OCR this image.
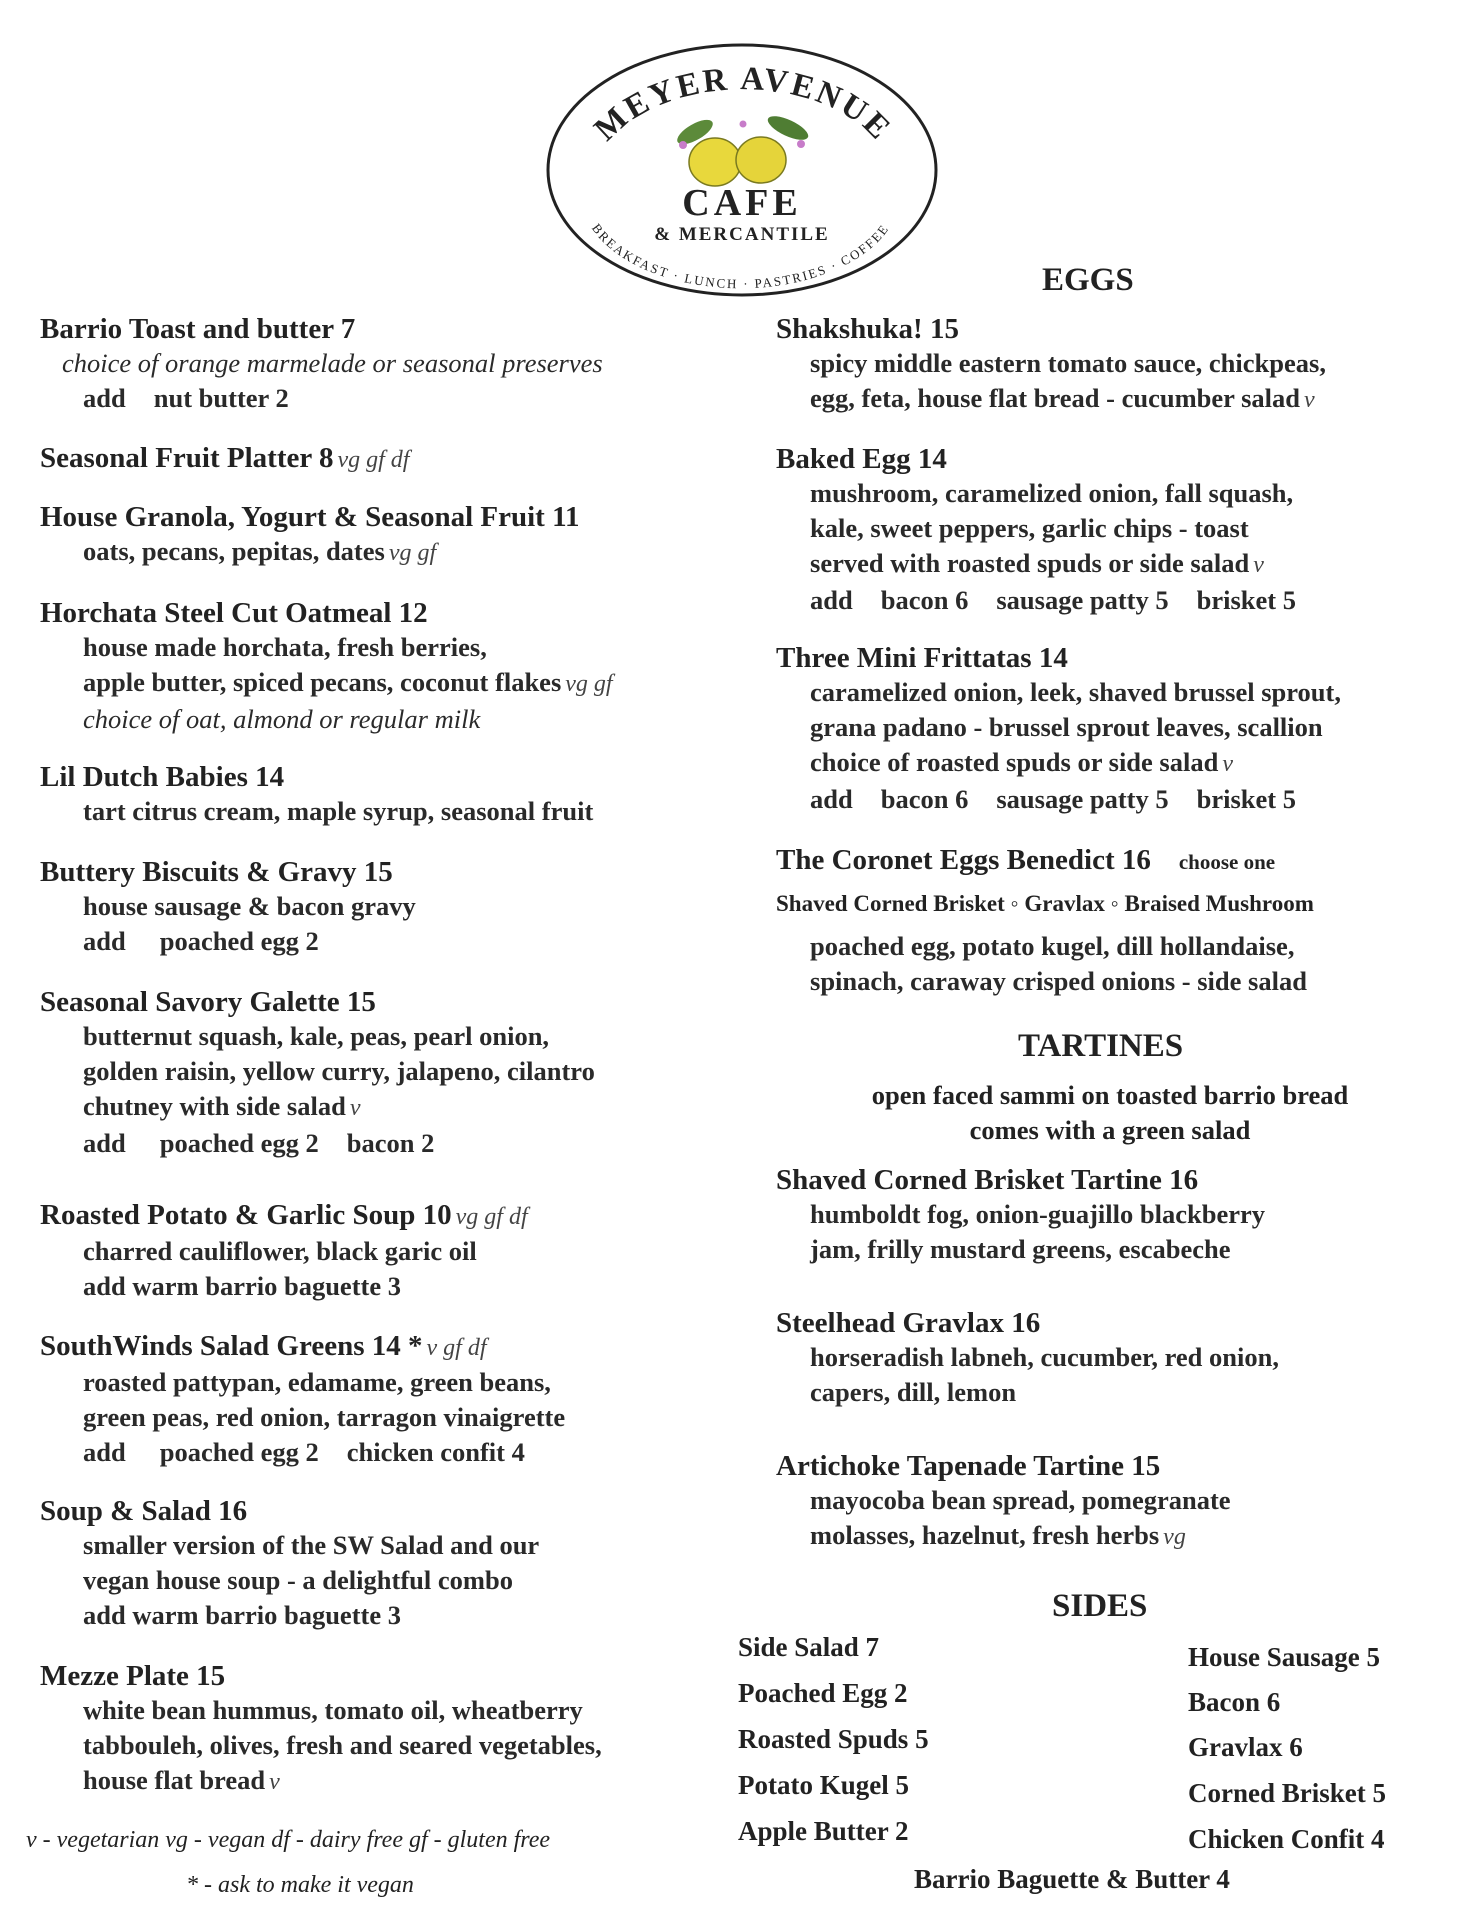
MEYER AVENUE
CAFE
& MERCANTILE
BREAKFAST · LUNCH · PASTRIES · COFFEE
Barrio Toast and butter 7
choice of orange marmelade or seasonal preserves
add nut butter 2
Seasonal Fruit Platter 8 vg gf df
House Granola, Yogurt & Seasonal Fruit 11
oats, pecans, pepitas, dates vg gf
Horchata Steel Cut Oatmeal 12
house made horchata, fresh berries,
apple butter, spiced pecans, coconut flakes vg gf
choice of oat, almond or regular milk
Lil Dutch Babies 14
tart citrus cream, maple syrup, seasonal fruit
Buttery Biscuits & Gravy 15
house sausage & bacon gravy
add poached egg 2
Seasonal Savory Galette 15
butternut squash, kale, peas, pearl onion,
golden raisin, yellow curry, jalapeno, cilantro
chutney with side salad v
add poached egg 2 bacon 2
Roasted Potato & Garlic Soup 10 vg gf df
charred cauliflower, black garic oil
add warm barrio baguette 3
SouthWinds Salad Greens 14 * v gf df
roasted pattypan, edamame, green beans,
green peas, red onion, tarragon vinaigrette
add poached egg 2 chicken confit 4
Soup & Salad 16
smaller version of the SW Salad and our
vegan house soup - a delightful combo
add warm barrio baguette 3
Mezze Plate 15
white bean hummus, tomato oil, wheatberry
tabbouleh, olives, fresh and seared vegetables,
house flat bread v
v - vegetarian vg - vegan df - dairy free gf - gluten free
* - ask to make it vegan
EGGS
Shakshuka! 15
spicy middle eastern tomato sauce, chickpeas,
egg, feta, house flat bread - cucumber salad v
Baked Egg 14
mushroom, caramelized onion, fall squash,
kale, sweet peppers, garlic chips - toast
served with roasted spuds or side salad v
add bacon 6 sausage patty 5 brisket 5
Three Mini Frittatas 14
caramelized onion, leek, shaved brussel sprout,
grana padano - brussel sprout leaves, scallion
choice of roasted spuds or side salad v
add bacon 6 sausage patty 5 brisket 5
The Coronet Eggs Benedict 16 choose one
Shaved Corned Brisket ◦ Gravlax ◦ Braised Mushroom
poached egg, potato kugel, dill hollandaise,
spinach, caraway crisped onions - side salad
TARTINES
open faced sammi on toasted barrio bread
comes with a green salad
Shaved Corned Brisket Tartine 16
humboldt fog, onion-guajillo blackberry
jam, frilly mustard greens, escabeche
Steelhead Gravlax 16
horseradish labneh, cucumber, red onion,
capers, dill, lemon
Artichoke Tapenade Tartine 15
mayocoba bean spread, pomegranate
molasses, hazelnut, fresh herbs vg
SIDES
Side Salad 7
Poached Egg 2
Roasted Spuds 5
Potato Kugel 5
Apple Butter 2
House Sausage 5
Bacon 6
Gravlax 6
Corned Brisket 5
Chicken Confit 4
Barrio Baguette & Butter 4
